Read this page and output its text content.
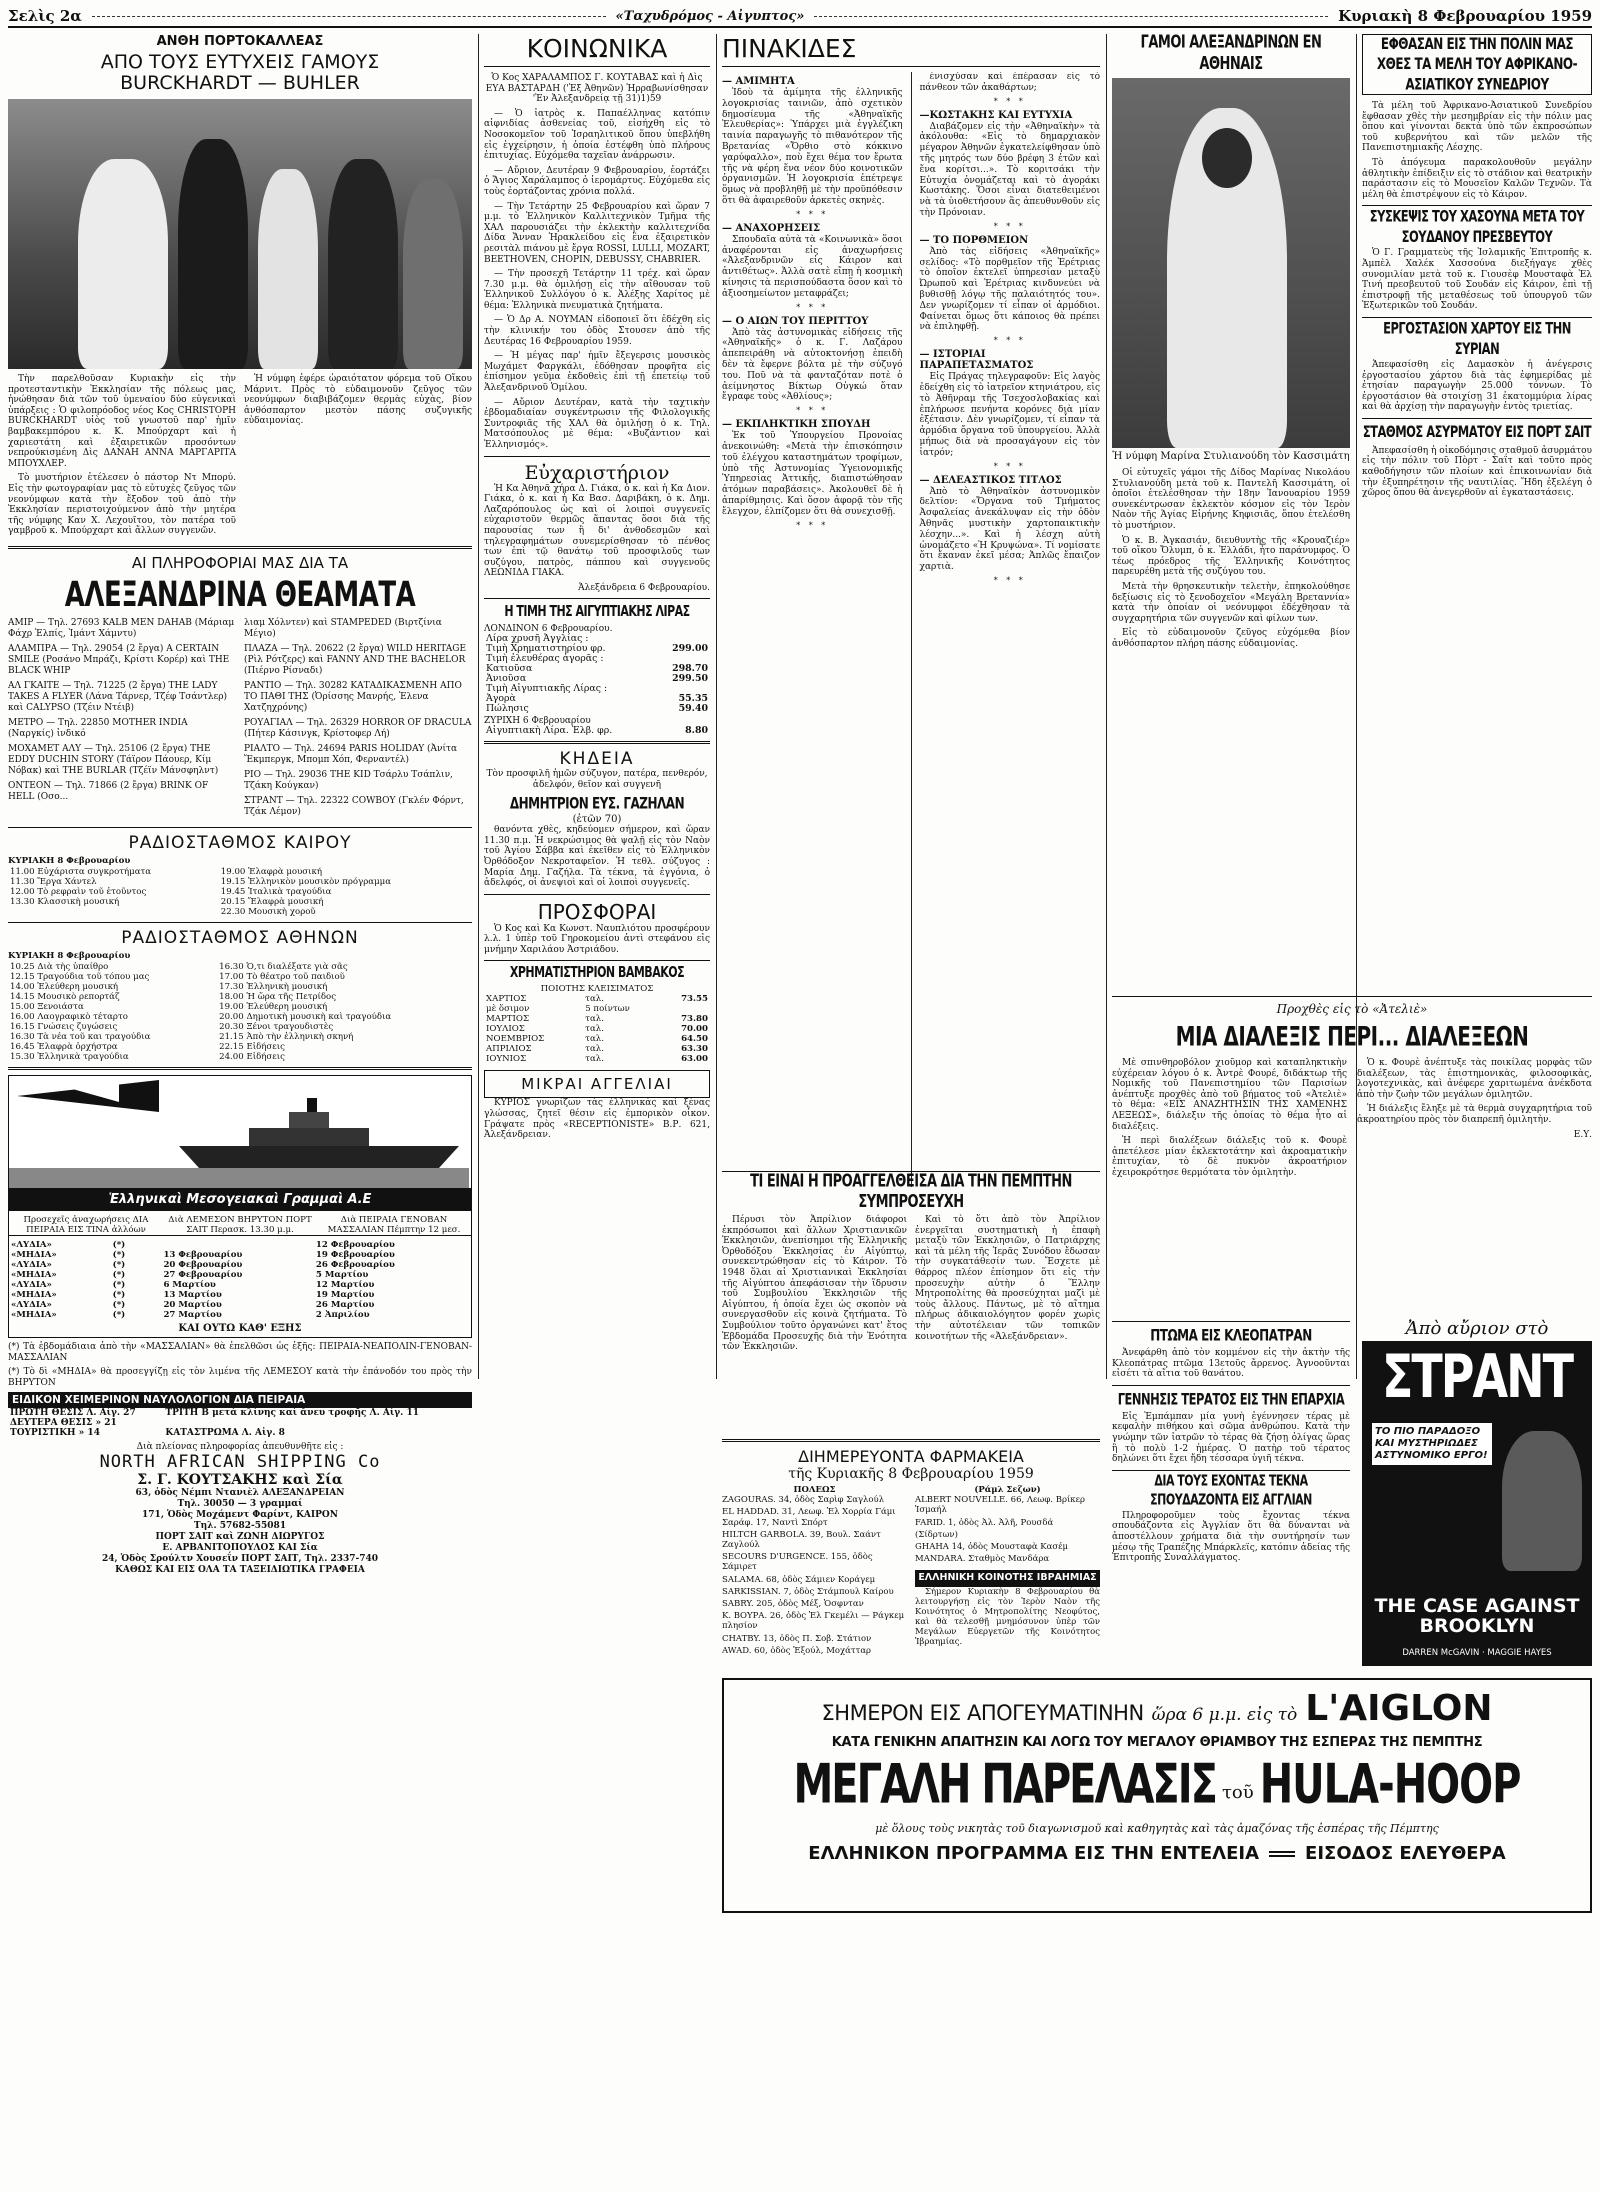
Σελὶς 2α	«Ταχυδρόμος - Αἰγυπτος»	Κυριακὴ 8 Φεβρουαρίου 1959
ΑΝΘΗ ΠΟΡΤΟΚΑΛΛΕΑΣ
ΑΠΟ ΤΟΥΣ ΕΥΤΥΧΕΙΣ ΓΑΜΟΥΣ BURCKHARDT — BUHLER

Τὴν παρελθοῦσαν Κυριακὴν εἰς τὴν προτεσταντικὴν Ἐκκλησίαν τῆς πόλεως μας, ἡνώθησαν διὰ τῶν τοῦ ὑμεναίου δύο εὐγενικαὶ ὑπάρξεις : Ὁ φιλοπρόοδος νέος Κος CHRISTOPH BURCKHARDT υἱὸς τοῦ γνωστοῦ παρ' ἡμῖν βαμβακεμπόρου κ. Κ. Μπούρχαρτ καὶ ἡ χαριεστάτη καὶ ἐξαιρετικῶν προσόντων νεπρούκισμένη Δὶς ΔΑΝΑΗ ΑΝΝΑ ΜΑΡΓΑΡΙΤΑ ΜΠΟΥΧΛΕΡ.

Τὸ μυστήριον ἐτέλεσεν ὁ πάστορ Ντ Μπορύ. Εἰς τὴν φωτογραφίαν μας τὸ εὐτυχὲς ζεῦγος τῶν νεονύμφων κατὰ τὴν ἔξοδον τοῦ ἀπὸ τὴν Ἐκκλησίαν περιστοιχούμενον ἀπὸ τὴν μητέρα τῆς νύμφης Καν Χ. Λεχουῖτου, τὸν πατέρα τοῦ γαμβροῦ κ. Μπούρχαρτ καὶ ἄλλων συγγενῶν.

Ἡ νύμφη ἐφέρε ὡραιότατον φόρεμα τοῦ Οἴκου Μάρνιτ. Πρὸς τὸ εὐδαιμονοῦν ζεῦγος τῶν νεονύμφων διαβιβάζομεν θερμὰς εὐχὰς, βίον ἀνθόσπαρτον μεστὸν πάσης συζυγικῆς εὐδαιμονίας.

ΑΙ ΠΛΗΡΟΦΟΡΙΑΙ ΜΑΣ ΔΙΑ ΤΑ
ΑΛΕΞΑΝΔΡΙΝΑ ΘΕΑΜΑΤΑ
ΑΜΙΡ — Τηλ. 27693 KALB MEN DAHAB (Μάριαμ Φάχρ Ἐλπίς, Ἰμάντ Χάμντυ)
ΑΛΑΜΠΡΑ — Τηλ. 29054 (2 ἔργα) A CERTAIN SMILE (Ροσάνο Μπράζι, Κρίστι Κορέρ) καὶ THE BLACK WHIP
ΑΛ ΓΚΑΙΤΕ — Τηλ. 71225 (2 ἔργα) THE LADY TAKES A FLYER (Λάνα Τάρνερ, Τζέφ Τσάντλερ) καὶ CALYPSO (Τζέιν Ντέιβ)
ΜΕΤΡΟ — Τηλ. 22850 MOTHER INDIA (Ναργκίς) ἰνδικό
ΜΟΧΑΜΕΤ ΑΛΥ — Τηλ. 25106 (2 ἔργα) THE EDDY DUCHIN STORY (Τάϊρον Πάουερ, Κίμ Νόβακ) καὶ THE BURLAR (Τζέϊν Μάνσφηλντ)
ΟΝΤΕΟΝ — Τηλ. 71866 (2 ἔργα) BRINK OF HELL (Οσο...
λιαμ Χόλντεν) καὶ STAMPEDED (Βιρτζίνια Μέγιο)
ΠΛΑΖΑ — Τηλ. 20622 (2 ἔργα) WILD HERITAGE (Ρὶλ Ρότζερς) καὶ FANNY AND THE BACHELOR (Πιέρνο Ρίσναδι)
ΡΑΝΤΙΟ — Τηλ. 30282 ΚΑΤΑΔΙΚΑΣΜΕΝΗ ΑΠΟ ΤΟ ΠΑΘΙ ΤΗΣ (Ὀρίσσης Μανρής, Ἐλενα Χατζηχρόνης)
ΡΟΥΑΓΙΑΛ — Τηλ. 26329 HORROR OF DRACULA (Πήτερ Κάσινγκ, Κρίστοφερ Λή)
ΡΙΑΛΤΟ — Τηλ. 24694 PARIS HOLIDAY (Ἀνίτα Ἔκμπεργκ, Μπομπ Χόπ, Φερναντέλ)
ΡΙΟ — Τηλ. 29036 THE KID Τσάρλυ Τσάπλιν, Τζάκη Κούγκαν)
ΣΤΡΑΝΤ — Τηλ. 22322 COWBOY (Γκλέν Φόρντ, Τζάκ Λέμον)
ΡΑΔΙΟΣΤΑΘΜΟΣ ΚΑΙΡΟΥ
ΚΥΡΙΑΚΗ 8 Φεβρουαρίου
11.00 Εὐχάριστα συγκροτήματα	19.00 Ἐλαφρὰ μουσική
11.30 Ἔργα Χάντελ	19.15 Ἑλληνικὸν μουσικὸν πρόγραμμα
12.00 Τὸ ρεφραὶν τοῦ ἐτοῦντος	19.45 Ἰταλικὰ τραγούδια
13.30 Κλασσικὴ μουσική	20.15 Ἔλαφρὰ μουσική
	22.30 Μουσικὴ χοροῦ
ΡΑΔΙΟΣΤΑΘΜΟΣ ΑΘΗΝΩΝ
ΚΥΡΙΑΚΗ 8 Φεβρουαρίου
10.25 Διὰ τὴς ὑπαίθρο	16.30 Ὁ,τι διαλέξατε γιὰ σᾶς
12.15 Τραγούδια τοῦ τόπου μας	17.00 Τὸ θέατρο τοῦ παιδιοῦ
14.00 Ἐλεύθερη μουσική	17.30 Ἑλληνικὴ μουσική
14.15 Μουσικὸ ρεπορτάζ	18.00 Ἡ ὥρα τῆς Πετρίδος
15.00 Ξενοιάστα	19.00 Ἐλεύθερη μουσική
16.00 Λαογραφικὸ τέταρτο	20.00 Δημοτικὴ μουσικὴ καὶ τραγούδια
16.15 Γνώσεις ζυγώσεις	20.30 Ξένοι τραγουδιστὲς
16.30 Τὰ νέα τοῦ και τραγούδια	21.15 Ἀπὸ τὴν ἑλληνικὴ σκηνή
16.45 Ἐλαφρὰ ὀρχήστρα	22.15 Εἰδήσεις
15.30 Ἐλληνικὰ τραγούδια	24.00 Εἰδήσεις
Ἑλληνικαὶ Μεσογειακαὶ Γραμμαὶ Α.Ε
Προσεχεῖς ἀναχωρήσεις ΔΙΑ ΠΕΙΡΑΙΑ ΕΙΣ ΤΙΝΑ ἀλλόων	Διὰ ΛΕΜΕΣΟΝ ΒΗΡΥΤΟΝ ΠΟΡΤ ΣΑΙΤ Περασκ. 13.30 μ.μ.	Διὰ ΠΕΙΡΑΙΑ ΓΕΝΟΒΑΝ ΜΑΣΣΑΛΙΑΝ Πέμπτην 12 μεσ.
«ΛΥΔΙΑ»	(*)		12 Φεβρουαρίου
«ΜΗΔΙΑ»	(*)	13 Φεβρουαρίου	19 Φεβρουαρίου
«ΛΥΔΙΑ»	(*)	20 Φεβρουαρίου	26 Φεβρουαρίου
«ΜΗΔΙΑ»	(*)	27 Φεβρουαρίου	5 Μαρτίου
«ΛΥΔΙΑ»	(*)	6 Μαρτίου	12 Μαρτίου
«ΜΗΔΙΑ»	(*)	13 Μαρτίου	19 Μαρτίου
«ΛΥΔΙΑ»	(*)	20 Μαρτίου	26 Μαρτίου
«ΜΗΔΙΑ»	(*)	27 Μαρτίου	2 Ἀπριλίου
ΚΑΙ ΟΥΤΩ ΚΑΘ' ΕΞΗΣ

(*) Τὰ ἑβδομάδιαια ἀπὸ τὴν «ΜΑΣΣΑΛΙΑΝ» θὰ ἐπελθῶσι ὡς ἑξῆς: ΠΕΙΡΑΙΑ-ΝΕΑΠΟΛΙΝ-ΓΕΝΟΒΑΝ-ΜΑΣΣΑΛΙΑΝ

(*) Τὸ δὶ «ΜΗΔΙΑ» θὰ προσεγγίζῃ εἰς τὸν λιμένα τῆς ΛΕΜΕΣΟΥ κατὰ τὴν ἐπάνοδόν του πρὸς τὴν ΒΗΡΥΤΟΝ

ΕΙΔΙΚΟΝ ΧΕΙΜΕΡΙΝΟΝ ΝΑΥΛΟΛΟΓΙΟΝ ΔΙΑ ΠΕΙΡΑΙΑ
ΠΡΩΤΗ ΘΕΣΙΣ Λ. Αἰγ. 27	ΤΡΙΤΗ Β μετὰ κλίνης καὶ ἄνευ τροφῆς Λ. Αἰγ. 11
ΔΕΥΤΕΡΑ ΘΕΣΙΣ » 21	
ΤΟΥΡΙΣΤΙΚΗ » 14	ΚΑΤΑΣΤΡΩΜΑ Λ. Αἰγ. 8
Διὰ πλείονας πληροφορίας ἀπευθυνθῆτε εἰς :
NORTH AFRICAN SHIPPING Co
Σ. Γ. ΚΟΥΤΣΑΚΗΣ καὶ Σία
63, ὁδὸς Νέμπι Ντανιὲλ ΑΛΕΞΑΝΔΡΕΙΑΝ
Τηλ. 30050 — 3 γραμμαί
171, Ὁδὸς Μοχάμεντ Φαρίντ, ΚΑΙΡΟΝ
Τηλ. 57682-55081
ΠΟΡΤ ΣΑΙΤ καὶ ΖΩΝΗ ΔΙΩΡΥΓΟΣ
Ε. ΑΡΒΑΝΙΤΟΠΟΥΛΟΣ ΚΑΙ Σία
24, Ὁδὸς Σρούλτν Χουσεΐν ΠΟΡΤ ΣΑΙΤ, Τηλ. 2337-740
ΚΑΘΩΣ ΚΑΙ ΕΙΣ ΟΛΑ ΤΑ ΤΑΞΕΙΔΙΩΤΙΚΑ ΓΡΑΦΕΙΑ
ΚΟΙΝΩΝΙΚΑ

Ὁ Κος ΧΑΡΑΛΑΜΠΟΣ Γ. ΚΟΥΤΑΒΑΣ καὶ ἡ Δὶς ΕΥΑ ΒΑΣΤΑΡΔΗ ('Ἐξ Ἀθηνῶν) Ἠρραβωνίσθησαν 'Ἐν Ἀλεξανδρείᾳ τῇ 31)1)59

— Ὁ ἰατρὸς κ. Παπαέλληνας κατόπιν αἰφνιδίας ἀσθενείας τοῦ, εἰσήχθη εἰς τὸ Νοσοκομεῖον τοῦ Ἰσραηλιτικοῦ ὅπου ὑπεβλήθη εἰς ἐγχείρησιν, ἡ ὁποία ἐστέφθη ὑπὸ πλήρους ἐπιτυχίας. Εὐχόμεθα ταχεῖαν ἀνάρρωσιν.

— Αὔριον, Δευτέραν 9 Φεβρουαρίου, ἐορτάζει ὁ Ἄγιος Χαράλαμπος ὁ ἱερομάρτυς. Εὐχόμεθα εἰς τοὺς ἐορτάζοντας χρόνια πολλά.

— Τὴν Τετάρτην 25 Φεβρουαρίου καὶ ὥραν 7 μ.μ. τὸ Ἑλληνικὸν Καλλιτεχνικὸν Τμῆμα τῆς ΧΑΛ παρουσιάζει τὴν ἐκλεκτὴν καλλιτεχνίδα Δίδα Ἄνναν Ἡρακλείδου εἰς ἓνα ἐξαιρετικὸν ρεσιτὰλ πιάνου μὲ ἔργα ROSSI, LULLI, MOZART, BEETHOVEN, CHOPIN, DEBUSSY, CHABRIER.

— Τὴν προσεχῆ Τετάρτην 11 τρέχ. καὶ ὥραν 7.30 μ.μ. θὰ ὁμιλήσῃ εἰς τὴν αἴθουσαν τοῦ Ἑλληνικοῦ Συλλόγου ὁ κ. Ἀλέξης Χαρίτος μὲ θέμα: Ἑλληνικὰ πνευματικὰ ζητήματα.

— Ὁ Δρ Α. ΝΟΥΜΑΝ εἰδοποιεῖ ὅτι ἐδέχθη εἰς τὴν κλινικήν του ὁδὸς Στουσεν ἀπὸ τῆς Δευτέρας 16 Φεβρουαρίου 1959.

— Ἡ μέγας παρ' ἡμῖν ἔξεγερσις μουσικὸς Μωχάμετ Φαργκάλι, ἐδόθησαν προφῆτα εἰς ἐπίσημον γεῦμα ἐκδοθεὶς ἐπὶ τῇ ἐπετείῳ τοῦ Ἀλεξανδρινοῦ Ὁμίλου.

— Αὔριον Δευτέραν, κατὰ τὴν ταχτικὴν ἑβδομαδιαίαν συγκέντρωσιν τῆς Φιλολογικῆς Συντροφιᾶς τῆς ΧΑΛ θὰ ὁμιλήσῃ ὁ κ. Τηλ. Ματσόπουλος μὲ θέμα: «Βυζάντιον καὶ Ἑλληνισμός».

Εὐχαριστήριον

Ἡ Κα Ἀθηνᾶ χήρα Δ. Γιάκα, ὁ κ. καὶ ἡ Κα Διον. Γιάκα, ὁ κ. καὶ ἡ Κα Βασ. Δαριβάκη, ὁ κ. Δημ. Λαζαρόπουλος ὡς καὶ οἱ λοιποὶ συγγενεῖς εὐχαριστοῦν θερμῶς ἅπαντας ὅσοι διὰ τῆς παρουσίας των ἢ δι' ἀνθοδεσμῶν καὶ τηλεγραφημάτων συνεμερίσθησαν τὸ πένθος των ἐπὶ τῷ θανάτῳ τοῦ προσφιλοῦς των συζύγου, πατρὸς, πάππου καὶ συγγενοῦς ΛΕΩΝΙΔΑ ΓΙΑΚΑ.

Ἀλεξάνδρεια 6 Φεβρουαρίου.
Η ΤΙΜΗ ΤΗΣ ΑΙΓΥΠΤΙΑΚΗΣ ΛΙΡΑΣ
ΛΟΝΔΙΝΟΝ 6 Φεβρουαρίου.
Λίρα χρυσῆ Ἀγγλίας :	
Τιμὴ Χρηματιστηρίου φρ.	299.00
Τιμὴ ἐλευθέρας ἀγορᾶς :	
Κατιοῦσα	298.70
Ἀνιοῦσα	299.50
Τιμὴ Αἰγυπτιακῆς Λίρας :	
Ἀγορὰ	55.35
Πώλησις	59.40
ΖΥΡΙΧΗ 6 Φεβρουαρίου
Αἰγυπτιακὴ Λίρα. Ἐλβ. φρ.	8.80
ΚΗΔΕΙΑ

Τὸν προσφιλῆ ἡμῶν σύζυγον, πατέρα, πενθερόν, ἀδελφόν, θεῖον καὶ συγγενῆ

ΔΗΜΗΤΡΙΟΝ ΕΥΣ. ΓΑΖΗΛΑΝ
(ἐτῶν 70)

θανόντα χθὲς, κηδεύομεν σήμερον, καὶ ὥραν 11.30 π.μ. Ἡ νεκρώσιμος θὰ ψαλῇ εἰς τὸν Ναὸν τοῦ Ἁγίου Σάββα καὶ ἐκεῖθεν εἰς τὸ Ἑλληνικὸν Ὀρθόδοξον Νεκροταφεῖον. Ἡ τεθλ. σύζυγος : Μαρία Δημ. Γαζήλα. Τὰ τέκνα, τὰ ἐγγόνια, ὁ ἀδελφός, οἱ ἀνεψιοὶ καὶ οἱ λοιποὶ συγγενεῖς.

ΠΡΟΣΦΟΡΑΙ

Ὁ Κος καὶ Κα Κωνστ. Ναυπλιότου προσφέρουν λ.λ. 1 ὑπὲρ τοῦ Γηροκομείου ἀντὶ στεφάνου εἰς μνήμην Χαριλάου Ἀστριάδου.

ΧΡΗΜΑΤΙΣΤΗΡΙΟΝ ΒΑΜΒΑΚΟΣ
ΠΟΙΟΤΗΣ ΚΛΕΙΣΙΜΑΤΟΣ
ΧΑΡΤΙΟΣ	ταλ.	73.55
μὲ ὅσιμον	5 ποίντων	
ΜΑΡΤΙΟΣ	ταλ.	73.80
ΙΟΥΛΙΟΣ	ταλ.	70.00
ΝΟΕΜΒΡΙΟΣ	ταλ.	64.50
ΑΠΡΙΛΙΟΣ	ταλ.	63.30
ΙΟΥΝΙΟΣ	ταλ.	63.00
ΜΙΚΡΑΙ ΑΓΓΕΛΙΑΙ

ΚΥΡΙΟΣ γνωρίζων τὰς ἑλληνικὰς καὶ ξένας γλώσσας, ζητεῖ θέσιν εἰς ἐμπορικὸν οἶκον. Γράψατε πρὸς «RECEPTIONISTE» Β.Ρ. 621, Ἀλεξάνδρειαν.

ΠΙΝΑΚΙΔΕΣ
— ΑΜΙΜΗΤΑ

Ἰδοὺ τὰ ἀμίμητα τῆς ἑλληνικῆς λογοκρισίας ταινιῶν, ἀπὸ σχετικὸν δημοσίευμα τῆς «Ἀθηναϊκῆς Ἐλευθερίας»: Ὑπάρχει μιὰ ἐγγλέζικη ταινία παραγωγῆς τὸ πιθανότερον τῆς Βρετανίας «Ὄρθιο στὸ κόκκινο γαρύφαλλο», ποὺ ἔχει θέμα τον ἔρωτα τῆς νὰ φέρη ἕνα νέον δύο κοινοτικῶν ὀργανισμῶν. Ἡ λογοκρισία ἐπέτρεψε ὅμως νὰ προβληθῇ μὲ τὴν προϋπόθεσιν ὅτι θὰ ἀφαιρεθοῦν ἀρκετὲς σκηνὲς.

* * *
— ΑΝΑΧΟΡΗΣΕΙΣ

Σπουδαῖα αὐτὰ τὰ «Κοινωνικὰ» ὅσοι ἀναφέρονται εἰς ἀναχωρήσεις «Ἀλεξανδρινῶν εἰς Κάιρον καὶ ἀντιθέτως». Ἀλλὰ σατὲ εἴπῃ ἡ κοσμικὴ κίνησις τὰ περισπούδαστα ὅσον καὶ τὸ ἀξιοσημείωτον μεταφράζει;

* * *
— Ο ΑΙΩΝ ΤΟΥ ΠΕΡΙΤΤΟΥ

Ἀπὸ τὰς ἀστυνομικὰς εἰδήσεις τῆς «Ἀθηναϊκῆς» ὁ κ. Γ. Λαζάρου ἀπεπειράθη νὰ αὐτοκτονήσῃ ἐπειδὴ δὲν τὰ ἔφερνε βόλτα μὲ τὴν σύζυγό του. Ποῦ νὰ τὰ φανταζόταν ποτὲ ὁ ἀείμνηστος Βίκτωρ Οὐγκώ ὅταν ἔγραφε τοὺς «Ἀθλίους»;

* * *
— ΕΚΠΛΗΚΤΙΚΗ ΣΠΟΥΔΗ

Ἐκ τοῦ Ὑπουργείου Προνοίας ἀνεκοινώθη: «Μετὰ τὴν ἐπισκόπησιν τοῦ ἐλέγχου καταστημάτων τροφίμων, ὑπὸ τῆς Ἀστυνομίας Ὑγειονομικῆς Ὑπηρεσίας Ἀττικῆς, διαπιστώθησαν ἀτόμων παραβάσεις». Ἀκολουθεῖ δὲ ἡ ἀπαρίθμησις. Καὶ ὅσον ἀφορᾷ τὸν τῆς ἔλεγχον, ἐλπίζομεν ὅτι θὰ συνεχισθῇ.

* * *

ἐνισχύσαν καὶ ἐπέρασαν εἰς τὸ πάνθεον τῶν ἀκαθάρτων;

* * *
—ΚΩΣΤΑΚΗΣ ΚΑΙ ΕΥΤΥΧΙΑ

Διαβάζομεν εἰς τὴν «Ἀθηναϊκὴν» τὰ ἀκόλουθα: «Εἰς τὸ δημαρχιακὸν μέγαρον Ἀθηνῶν ἐγκατελείφθησαν ὑπὸ τῆς μητρός των δύο βρέφη 3 ἐτῶν καὶ ἕνα κορίτσι...». Τὸ κοριτσάκι τὴν Εὐτυχία ὀνομάζεται καὶ τὸ ἀγοράκι Κωστάκης. Ὅσοι εἶναι διατεθειμένοι νὰ τὰ ὑιοθετήσουν ἂς ἀπευθυνθοῦν εἰς τὴν Πρόνοιαν.

* * *
— ΤΟ ΠΟΡΘΜΕΙΟΝ

Ἀπὸ τὰς εἰδήσεις «Ἀθηναϊκῆς» σελίδος: «Τὸ πορθμεῖον τῆς Ἐρέτριας τὸ ὁποῖον ἐκτελεῖ ὑπηρεσίαν μεταξὺ Ὠρωποῦ καὶ Ἐρέτριας κινδυνεύει νὰ βυθισθῇ λόγῳ τῆς παλαιότητός του». Δεν γνωρίζομεν τί εἶπαν οἱ ἁρμόδιοι. Φαίνεται ὅμως ὅτι κάποιος θὰ πρέπει νὰ ἐπιληφθῇ.

* * *
— ΙΣΤΟΡΙΑΙ ΠΑΡΑΠΕΤΑΣΜΑΤΟΣ

Εἰς Πράγας τηλεγραφοῦν: Εἰς λαγὸς ἐδείχθη εἰς τὸ ἰατρεῖον κτηνιάτρου, εἰς τὸ Ἀθῆνραμ τῆς Τσεχοσλοβακίας καὶ ἐπλήρωσε πενήντα κορόνες διὰ μίαν ἐξέτασιν. Δὲν γνωρίζομεν, τί εἶπαν τὰ ἀρμόδια ὄργανα τοῦ ὑπουργείου. Ἀλλὰ μήπως διὰ νὰ προσαγάγουν εἰς τὸν ἰατρόν;

* * *
— ΔΕΛΕΑΣΤΙΚΟΣ ΤΙΤΛΟΣ

Ἀπὸ τὸ Ἀθηναϊκὸν ἀστυνομικὸν δελτίον: «Ὄργανα τοῦ Τμήματος Ἀσφαλείας ἀνεκάλυψαν εἰς τὴν ὁδὸν Ἀθηνᾶς μυστικὴν χαρτοπαικτικὴν λέσχην...». Καὶ ἡ λέσχη αὐτὴ ὠνομάζετο «Ἡ Κρυψώνα». Τί νομίσατε ὅτι ἔκαναν ἐκεῖ μέσα; Ἀπλῶς ἔπαιζον χαρτιὰ.

* * *
ΤΙ ΕΙΝΑΙ Η ΠΡΟΑΓΓΕΛΘΕΙΣΑ ΔΙΑ ΤΗΝ ΠΕΜΠΤΗΝ ΣΥΜΠΡΟΣΕΥΧΗ

Πέρυσι τὸν Ἀπρίλιον διάφοροι ἐκπρόσωποι καὶ ἄλλων Χριστιανικῶν Ἐκκλησιῶν, ἀνεπίσημοι τῆς Ἑλληνικῆς Ὀρθοδόξου Ἐκκλησίας ἐν Αἰγύπτῳ, συνεκεντρώθησαν εἰς τὸ Κάιρον. Τὸ 1948 ὅλαι αἱ Χριστιανικαὶ Ἐκκλησίαι τῆς Αἰγύπτου ἀπεφάσισαν τὴν ἵδρυσιν τοῦ Συμβουλίου Ἐκκλησιῶν τῆς Αἰγύπτου, ἡ ὁποία ἔχει ὡς σκοπὸν νὰ συνεργασθοῦν εἰς κοινὰ ζητήματα. Τὸ Συμβούλιον τοῦτο ὀργανώνει κατ' ἔτος Ἑβδομάδα Προσευχῆς διὰ τὴν Ἑνότητα τῶν Ἐκκλησιῶν.

Καὶ τὸ ὅτι ἀπὸ τὸν Ἀπρίλιον ἐνεργεῖται συστηματικὴ ἡ ἐπαφὴ μεταξὺ τῶν Ἐκκλησιῶν, ὁ Πατριάρχης καὶ τὰ μέλη τῆς Ἱερᾶς Συνόδου ἔδωσαν τὴν συγκατάθεσίν των. Ἔσχετε μὲ θάρρος πλέον ἐπίσημον ὅτι εἰς τὴν προσευχὴν αὐτὴν ὁ Ἕλλην Μητροπολίτης θὰ προσεύχηται μαζὶ μὲ τοὺς ἄλλους. Πάντως, μὲ τὸ αἴτημα πλήρως ἀδικαιολόγητον φορέν χωρὶς τὴν αὐτοτέλειαν τῶν τοπικῶν κοινοτήτων τῆς «Ἀλεξάνδρειαν».

ΔΙΗΜΕΡΕΥΟΝΤΑ ΦΑΡΜΑΚΕΙΑ
τῆς Κυριακῆς 8 Φεβρουαρίου 1959
ΠΟΛΕΩΣ
ZAGOURAS. 34, ὁδὸς Σαρὶφ Σαγλούλ
EL HADDAD. 31, Λεωφ. Ἐλ Χορρία Γάμι Σαράφ. 17, Ναντὶ Σπόρτ
HILTCH GARBOLA. 39, Βουλ. Σαάντ Ζαγλούλ
SECOURS D'URGENCE. 155, ὁδὸς Σάμιρετ
SALAMA. 68, ὁδὸς Σάμιεν Κοράγεμ
SARKISSIAN. 7, ὁδὸς Στάμπουλ Καίρου
SABRY. 205, ὁδὸς Μέξ, Ὁσφνταν
Κ. ΒΟΥΡΑ. 26, ὁδὸς Ἐλ Γκεμέλι — Ράγκεμ πλησίον
CHATBY. 13, ὁδὸς Π. Σοβ. Στάτιον
AWAD. 60, ὁδὸς Ἐξούλ, Μοχάτταρ
(Ράμλ Σεζων)
ALBERT NOUVELLE. 66, Λεωφ. Βρίκερ Ἱσμαήλ
FARID. 1, ὁδὸς Ἀλ. Ἀλῆ, Ρουσδά
(Σίδρτων)
GHAHA 14, ὁδὸς Μουσταφὰ Κασέμ
MANDARA. Σταθμὸς Μανδάρα
ΕΛΛΗΝΙΚΗ ΚΟΙΝΟΤΗΣ ΙΒΡΑΗΜΙΑΣ

Σήμερον Κυριακὴν 8 Φεβρουαρίου θὰ λειτουργήσῃ εἰς τὸν Ἱερὸν Ναὸν τῆς Κοινότητος ὁ Μητροπολίτης Νεοφύτος, καὶ θὰ τελεσθῇ μνημόσυνον ὑπὲρ τῶν Μεγάλων Εὐεργετῶν τῆς Κοινότητος Ἰβραημίας.

ΓΑΜΟΙ ΑΛΕΞΑΝΔΡΙΝΩΝ ΕΝ ΑΘΗΝΑΙΣ
Ἡ νύμφη Μαρίνα Στυλιανούδη τὸν Κασσιμάτη

Οἱ εὐτυχεῖς γάμοι τῆς Δίδος Μαρίνας Νικολάου Στυλιανούδη μετὰ τοῦ κ. Παντελῆ Κασσιμάτη, οἱ ὁποῖοι ἐτελέσθησαν τὴν 18ην Ἰανουαρίου 1959 συνεκέντρωσαν ἐκλεκτὸν κόσμον εἰς τὸν Ἱερὸν Ναὸν τῆς Ἁγίας Εἰρήνης Κηφισιᾶς, ὅπου ἐτελέσθη τὸ μυστήριον.

Ὁ κ. Β. Ἀγκασιάν, διευθυντὴς τῆς «Κρουαζιέρ» τοῦ οἴκου Ὄλυμπ, ὁ κ. Ἐλλάδι, ἦτο παράνυμφος. Ὁ τέως πρόεδρος τῆς Ἑλληνικῆς Κοινότητος παρευρέθη μετὰ τῆς συζύγου του.

Μετὰ τὴν θρησκευτικὴν τελετὴν, ἐπηκολούθησε δεξίωσις εἰς τὸ ξενοδοχεῖον «Μεγάλη Βρεταννία» κατὰ τὴν ὁποίαν οἱ νεόνυμφοι ἐδέχθησαν τὰ συγχαρητήρια τῶν συγγενῶν καὶ φίλων των.

Εἰς τὸ εὐδαιμονοῦν ζεῦγος εὐχόμεθα βίον ἀνθόσπαρτον πλήρη πάσης εὐδαιμονίας.

Προχθὲς εἰς τὸ «Ἀτελιὲ»
ΜΙΑ ΔΙΑΛΕΞΙΣ ΠΕΡΙ... ΔΙΑΛΕΞΕΩΝ

Μὲ σπινθηροβόλον χιοῦμορ καὶ καταπληκτικὴν εὐχέρειαν λόγου ὁ κ. Ἀντρὲ Φουρέ, διδάκτωρ τῆς Νομικῆς τοῦ Πανεπιστημίου τῶν Παρισίων ἀνέπτυξε προχθὲς ἀπὸ τοῦ βήματος τοῦ «Ἀτελιὲ» τὸ θέμα: «ΕΙΣ ΑΝΑΖΗΤΗΣΙΝ ΤΗΣ ΧΑΜΕΝΗΣ ΛΕΞΕΩΣ», διάλεξιν τῆς ὁποίας τὸ θέμα ἦτο αἱ διαλέξεις.

Ἡ περὶ διαλέξεων διάλεξις τοῦ κ. Φουρὲ ἀπετέλεσε μίαν ἐκλεκτοτάτην καὶ ἀκροαματικὴν ἐπιτυχίαν, τὸ δὲ πυκνὸν ἀκροατήριον ἐχειροκρότησε θερμότατα τὸν ὁμιλητὴν.

Ὁ κ. Φουρὲ ἀνέπτυξε τὰς ποικίλας μορφὰς τῶν διαλέξεων, τὰς ἐπιστημονικὰς, φιλοσοφικὰς, λογοτεχνικὰς, καὶ ἀνέφερε χαριτωμένα ἀνέκδοτα ἀπὸ τὴν ζωὴν τῶν μεγάλων ὁμιλητῶν.

Ἡ διάλεξις ἔληξε μὲ τὰ θερμὰ συγχαρητήρια τοῦ ἀκροατηρίου πρὸς τὸν διαπρεπῆ ὁμιλητὴν.

Ε.Υ.
ΠΤΩΜΑ ΕΙΣ ΚΛΕΟΠΑΤΡΑΝ

Ἀνεφάρθη ἀπὸ τὸν κομμένον εἰς τὴν ἀκτὴν τῆς Κλεοπάτρας πτῶμα 13ετοῦς ἄρρενος. Ἀγνοοῦνται εἰσέτι τὰ αἴτια τοῦ θανάτου.

ΓΕΝΝΗΣΙΣ ΤΕΡΑΤΟΣ ΕΙΣ ΤΗΝ ΕΠΑΡΧΙΑ

Εἰς Ἐμπάμπαν μία γυνὴ ἐγέννησεν τέρας μὲ κεφαλὴν πιθήκου καὶ σῶμα ἀνθρώπου. Κατὰ τὴν γνώμην τῶν ἰατρῶν τὸ τέρας θὰ ζήσῃ ὀλίγας ὥρας ἢ τὸ πολὺ 1-2 ἡμέρας. Ὁ πατὴρ τοῦ τέρατος δηλώνει ὅτι ἔχει ἤδη τέσσαρα ὑγιῆ τέκνα.

ΔΙΑ ΤΟΥΣ ΕΧΟΝΤΑΣ ΤΕΚΝΑ ΣΠΟΥΔΑΖΟΝΤΑ ΕΙΣ ΑΓΓΛΙΑΝ

Πληροφοροῦμεν τοὺς ἔχοντας τέκνα σπουδάζοντα εἰς Ἀγγλίαν ὅτι θὰ δύνανται νὰ ἀποστέλλουν χρήματα διὰ τὴν συντήρησίν των μέσῳ τῆς Τραπέζης Μπάρκλεϊς, κατόπιν ἀδείας τῆς Ἐπιτροπῆς Συναλλάγματος.

ΕΦΘΑΣΑΝ ΕΙΣ ΤΗΝ ΠΟΛΙΝ ΜΑΣ ΧΘΕΣ ΤΑ ΜΕΛΗ ΤΟΥ ΑΦΡΙΚΑΝΟ-ΑΣΙΑΤΙΚΟΥ ΣΥΝΕΔΡΙΟΥ

Τὰ μέλη τοῦ Ἀφρικανο-Ἀσιατικοῦ Συνεδρίου ἔφθασαν χθὲς τὴν μεσημβρίαν εἰς τὴν πόλιν μας ὅπου καὶ γίνονται δεκτὰ ὑπὸ τῶν ἐκπροσώπων τοῦ κυβερνήτου καὶ τῶν μελῶν τῆς Πανεπιστημιακῆς Λέσχης.

Τὸ ἀπόγευμα παρακολουθοῦν μεγάλην ἀθλητικὴν ἐπίδειξιν εἰς τὸ στάδιον καὶ θεατρικὴν παράστασιν εἰς τὸ Μουσεῖον Καλῶν Τεχνῶν. Τὰ μέλη θὰ ἐπιστρέψουν εἰς τὸ Κάιρον.

ΣΥΣΚΕΨΙΣ ΤΟΥ ΧΑΣΟΥΝΑ ΜΕΤΑ ΤΟΥ ΣΟΥΔΑΝΟΥ ΠΡΕΣΒΕΥΤΟΥ

Ὁ Γ. Γραμματεὺς τῆς Ἰσλαμικῆς Ἐπιτροπῆς κ. Ἀμπὲλ Χαλέκ Χασσούνα διεξήγαγε χθὲς συνομιλίαν μετὰ τοῦ κ. Γιουσὲφ Μουσταφὰ Ἐλ Τινή πρεσβευτοῦ τοῦ Σουδάν εἰς Κάιρον, ἐπὶ τῇ ἐπιστροφῇ τῆς μεταθέσεως τοῦ ὑπουργοῦ τῶν Ἐξωτερικῶν τοῦ Σουδάν.

ΕΡΓΟΣΤΑΣΙΟΝ ΧΑΡΤΟΥ ΕΙΣ ΤΗΝ ΣΥΡΙΑΝ

Ἀπεφασίσθη εἰς Δαμασκὸν ἡ ἀνέγερσις ἐργοστασίου χάρτου διὰ τὰς ἐφημερίδας μὲ ἐτησίαν παραγωγὴν 25.000 τόννων. Τὸ ἐργοστάσιον θὰ στοιχίσῃ 31 ἑκατομμύρια λίρας καὶ θὰ ἀρχίσῃ τὴν παραγωγὴν ἐντὸς τριετίας.

ΣΤΑΘΜΟΣ ΑΣΥΡΜΑΤΟΥ ΕΙΣ ΠΟΡΤ ΣΑΙΤ

Ἀπεφασίσθη ἡ οἰκοδόμησις σταθμοῦ ἀσυρμάτου εἰς τὴν πόλιν τοῦ Πὸρτ - Σαΐτ καὶ τοῦτο πρὸς καθοδήγησιν τῶν πλοίων καὶ ἐπικοινωνίαν διὰ τὴν ἐξυπηρέτησιν τῆς ναυτιλίας. Ἤδη ἐξελέγη ὁ χῶρος ὅπου θὰ ἀνεγερθοῦν αἱ ἐγκαταστάσεις.

Ἀπὸ αὔριον στὸ
ΣΤΡΑΝΤ
ΤΟ ΠΙΟ ΠΑΡΑΔΟΞΟ ΚΑΙ ΜΥΣΤΗΡΙΩΔΕΣ ΑΣΤΥΝΟΜΙΚΟ ΕΡΓΟ!
THE CASE AGAINST BROOKLYN
DARREN McGAVIN · MAGGIE HAYES
ΣΗΜΕΡΟΝ ΕΙΣ ΑΠΟΓΕΥΜΑΤΙΝΗΝ ὥρα 6 μ.μ. εἰς τὸ L'AIGLON
ΚΑΤΑ ΓΕΝΙΚΗΝ ΑΠΑΙΤΗΣΙΝ ΚΑΙ ΛΟΓΩ ΤΟΥ ΜΕΓΑΛΟΥ ΘΡΙΑΜΒΟΥ ΤΗΣ ΕΣΠΕΡΑΣ ΤΗΣ ΠΕΜΠΤΗΣ
ΜΕΓΑΛΗ ΠΑΡΕΛΑΣΙΣ τοῦ HULA-HOOP
μὲ ὅλους τοὺς νικητὰς τοῦ διαγωνισμοῦ καὶ καθηγητὰς καὶ τὰς ἀμαζόνας τῆς ἑσπέρας τῆς Πέμπτης
ΕΛΛΗΝΙΚΟΝ ΠΡΟΓΡΑΜΜΑ ΕΙΣ ΤΗΝ ΕΝΤΕΛΕΙΑ	ΕΙΣΟΔΟΣ ΕΛΕΥΘΕΡΑ
